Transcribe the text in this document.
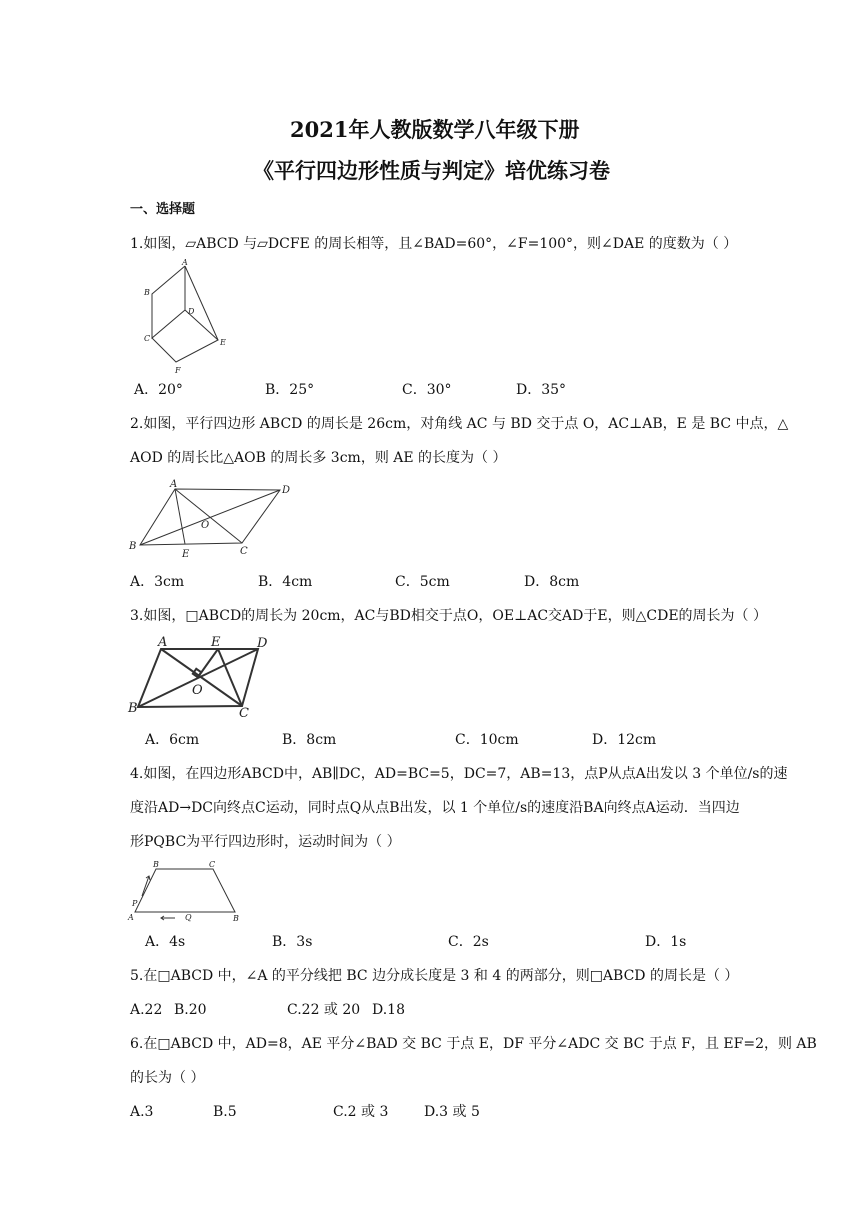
2021年人教版数学八年级下册
《平行四边形性质与判定》培优练习卷
一、选择题
1.如图，▱ABCD 与▱DCFE 的周长相等，且∠BAD=60°，∠F=100°，则∠DAE 的度数为（ ）
A
B
D
C	E
F
A．20°	B．25°	C．30°	D．35°
2.如图，平行四边形 ABCD 的周长是 26cm，对角线 AC 与 BD 交于点 O，AC⊥AB，E 是 BC 中点，△
AOD 的周长比△AOB 的周长多 3cm，则 AE 的长度为（ ）
A
D
O
B
E	C
A．3cm	B．4cm	C．5cm	D．8cm
3.如图，□ABCD的周长为 20cm，AC与BD相交于点O，OE⊥AC交AD于E，则△CDE的周长为（ ）
A	E	D
O
B	C
A．6cm	B．8cm	C．10cm	D．12cm
4.如图，在四边形ABCD中，AB∥DC，AD=BC=5，DC=7，AB=13，点P从点A出发以 3 个单位/s的速
度沿AD→DC向终点C运动，同时点Q从点B出发，以 1 个单位/s的速度沿BA向终点A运动．当四边
形PQBC为平行四边形时，运动时间为（ ）
B	C
P
A	Q	B
A．4s	B．3s	C．2s	D．1s
5.在□ABCD 中，∠A 的平分线把 BC 边分成长度是 3 和 4 的两部分，则□ABCD 的周长是（ ）
A.22 B.20	C.22 或 20 D.18
6.在□ABCD 中，AD=8，AE 平分∠BAD 交 BC 于点 E，DF 平分∠ADC 交 BC 于点 F，且 EF=2，则 AB
的长为（ ）
A.3	B.5	C.2 或 3	D.3 或 5
